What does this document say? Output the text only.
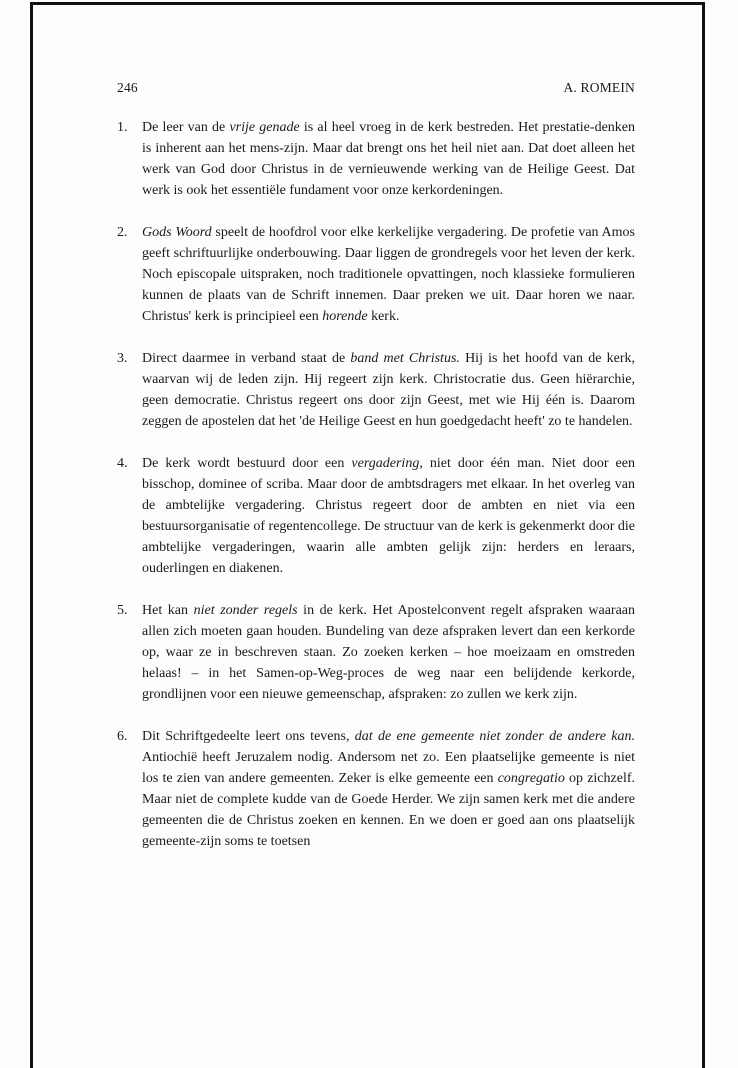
246	A. ROMEIN
1.	De leer van de vrije genade is al heel vroeg in de kerk bestreden. Het prestatie-denken is inherent aan het mens-zijn. Maar dat brengt ons het heil niet aan. Dat doet alleen het werk van God door Christus in de vernieuwende werking van de Heilige Geest. Dat werk is ook het essentiële fundament voor onze kerkordeningen.

2.	Gods Woord speelt de hoofdrol voor elke kerkelijke vergadering. De profetie van Amos geeft schriftuurlijke onderbouwing. Daar liggen de grondregels voor het leven der kerk. Noch episcopale uitspraken, noch traditionele opvattingen, noch klassieke formulieren kunnen de plaats van de Schrift innemen. Daar preken we uit. Daar horen we naar. Christus' kerk is principieel een horende kerk.

3.	Direct daarmee in verband staat de band met Christus. Hij is het hoofd van de kerk, waarvan wij de leden zijn. Hij regeert zijn kerk. Christocratie dus. Geen hiërarchie, geen democratie. Christus regeert ons door zijn Geest, met wie Hij één is. Daarom zeggen de apostelen dat het 'de Heilige Geest en hun goedgedacht heeft' zo te handelen.

4.	De kerk wordt bestuurd door een vergadering, niet door één man. Niet door een bisschop, dominee of scriba. Maar door de ambtsdragers met elkaar. In het overleg van de ambtelijke vergadering. Christus regeert door de ambten en niet via een bestuursorganisatie of regentencollege. De structuur van de kerk is gekenmerkt door die ambtelijke vergaderingen, waarin alle ambten gelijk zijn: herders en leraars, ouderlingen en diakenen.

5.	Het kan niet zonder regels in de kerk. Het Apostelconvent regelt afspraken waaraan allen zich moeten gaan houden. Bundeling van deze afspraken levert dan een kerkorde op, waar ze in beschreven staan. Zo zoeken kerken – hoe moeizaam en omstreden helaas! – in het Samen-op-Weg-proces de weg naar een belijdende kerkorde, grondlijnen voor een nieuwe gemeenschap, afspraken: zo zullen we kerk zijn.

6.	Dit Schriftgedeelte leert ons tevens, dat de ene gemeente niet zonder de andere kan. Antiochië heeft Jeruzalem nodig. Andersom net zo. Een plaatselijke gemeente is niet los te zien van andere gemeenten. Zeker is elke gemeente een congregatio op zichzelf. Maar niet de complete kudde van de Goede Herder. We zijn samen kerk met die andere gemeenten die de Christus zoeken en kennen. En we doen er goed aan ons plaatselijk gemeente-zijn soms te toetsen
